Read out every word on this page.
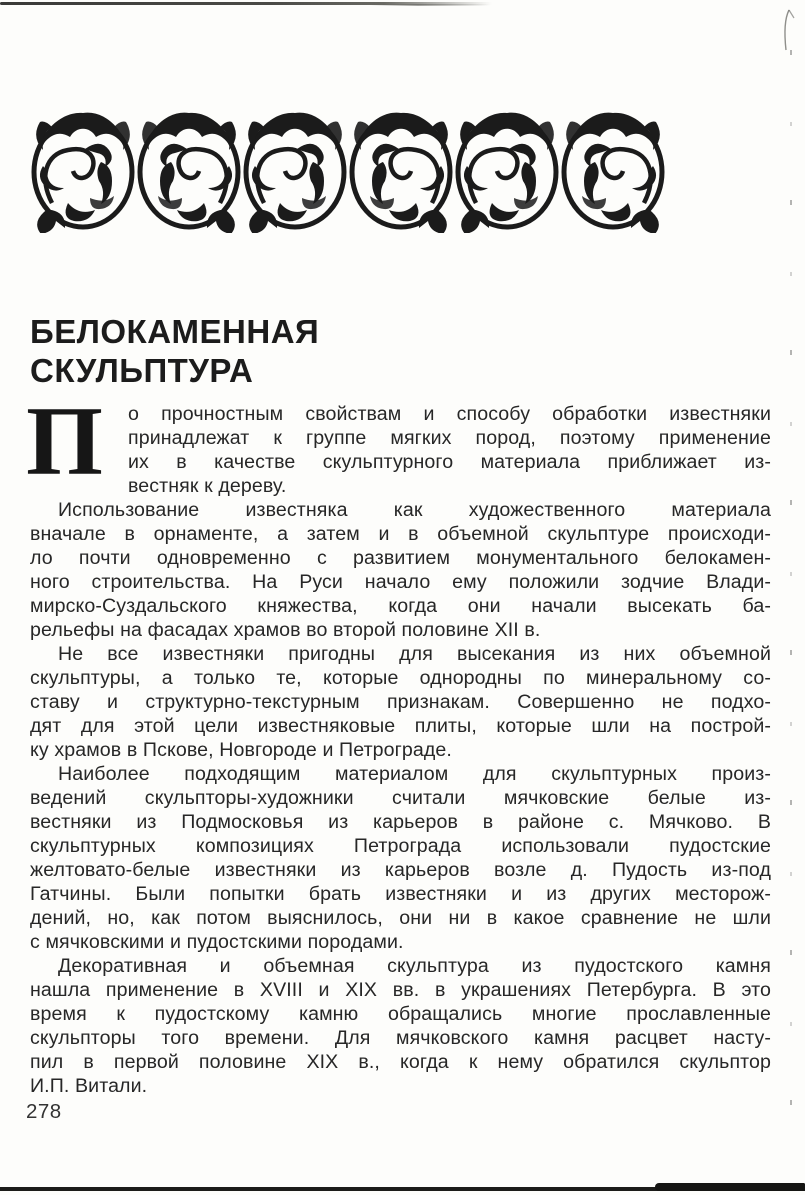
БЕЛОКАМЕННАЯ
СКУЛЬПТУРА
П	о прочностным свойствам и способу обработки известняки
принадлежат к группе мягких пород, поэтому применение
их в качестве скульптурного материала приближает из-
вестняк к дереву.
Использование известняка как художественного материала
вначале в орнаменте, а затем и в объемной скульптуре происходи-
ло почти одновременно с развитием монументального белокамен-
ного строительства. На Руси начало ему положили зодчие Влади-
мирско-Суздальского княжества, когда они начали высекать ба-
рельефы на фасадах храмов во второй половине XII в.
Не все известняки пригодны для высекания из них объемной
скульптуры, а только те, которые однородны по минеральному со-
ставу и структурно-текстурным признакам. Совершенно не подхо-
дят для этой цели известняковые плиты, которые шли на построй-
ку храмов в Пскове, Новгороде и Петрограде.
Наиболее подходящим материалом для скульптурных произ-
ведений скульпторы-художники считали мячковские белые из-
вестняки из Подмосковья из карьеров в районе с. Мячково. В
скульптурных композициях Петрограда использовали пудостские
желтовато-белые известняки из карьеров возле д. Пудость из-под
Гатчины. Были попытки брать известняки и из других месторож-
дений, но, как потом выяснилось, они ни в какое сравнение не шли
с мячковскими и пудостскими породами.
Декоративная и объемная скульптура из пудостского камня
нашла применение в XVIII и XIX вв. в украшениях Петербурга. В это
время к пудостскому камню обращались многие прославленные
скульпторы того времени. Для мячковского камня расцвет насту-
пил в первой половине XIX в., когда к нему обратился скульптор
И.П. Витали.
278
